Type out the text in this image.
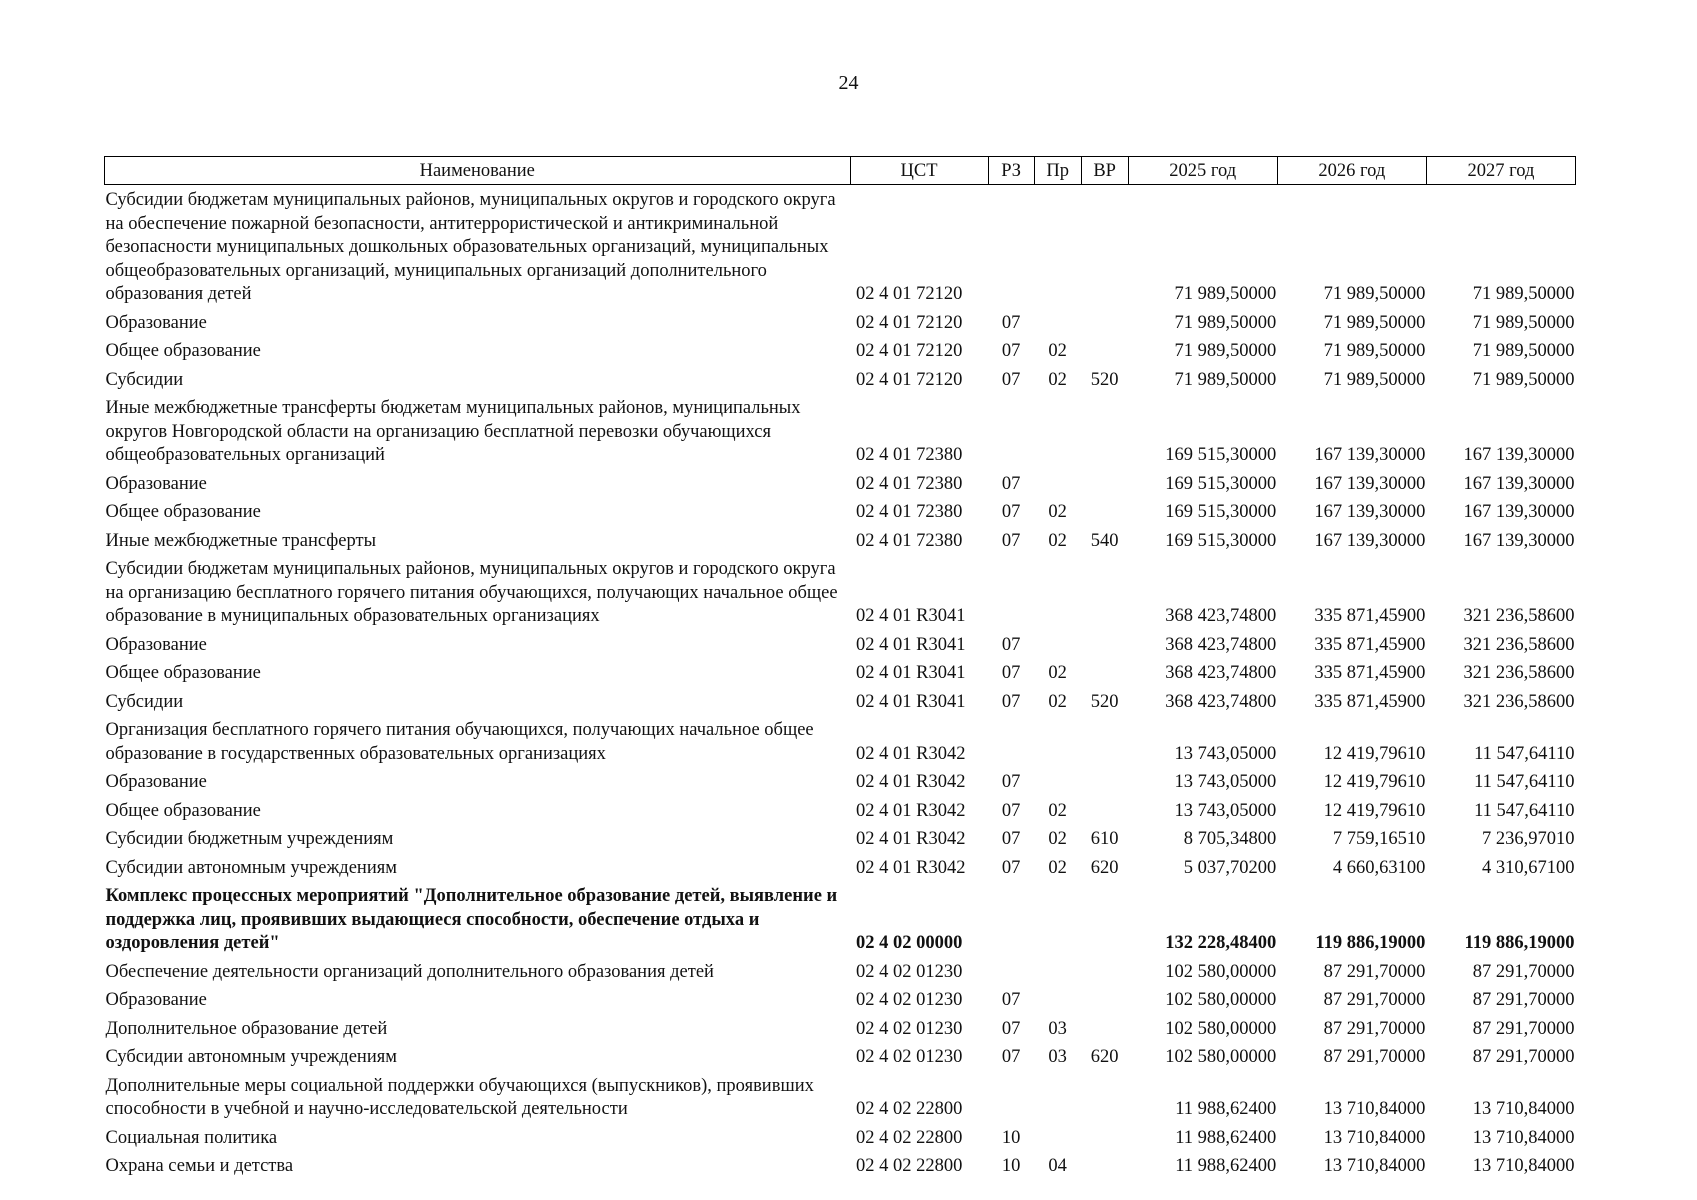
24
Наименование	ЦСТ	РЗ	Пр	ВР	2025 год	2026 год	2027 год
Субсидии бюджетам муниципальных районов, муниципальных округов и городского округа на обеспечение пожарной безопасности, антитеррористической и антикриминальной безопасности муниципальных дошкольных образовательных организаций, муниципальных общеобразовательных организаций, муниципальных организаций дополнительного образования детей	02 4 01 72120				71 989,50000	71 989,50000	71 989,50000
Образование	02 4 01 72120	07			71 989,50000	71 989,50000	71 989,50000
Общее образование	02 4 01 72120	07	02		71 989,50000	71 989,50000	71 989,50000
Субсидии	02 4 01 72120	07	02	520	71 989,50000	71 989,50000	71 989,50000
Иные межбюджетные трансферты бюджетам муниципальных районов, муниципальных округов Новгородской области на организацию бесплатной перевозки обучающихся общеобразовательных организаций	02 4 01 72380				169 515,30000	167 139,30000	167 139,30000
Образование	02 4 01 72380	07			169 515,30000	167 139,30000	167 139,30000
Общее образование	02 4 01 72380	07	02		169 515,30000	167 139,30000	167 139,30000
Иные межбюджетные трансферты	02 4 01 72380	07	02	540	169 515,30000	167 139,30000	167 139,30000
Субсидии бюджетам муниципальных районов, муниципальных округов и городского округа на организацию бесплатного горячего питания обучающихся, получающих начальное общее образование в муниципальных образовательных организациях	02 4 01 R3041				368 423,74800	335 871,45900	321 236,58600
Образование	02 4 01 R3041	07			368 423,74800	335 871,45900	321 236,58600
Общее образование	02 4 01 R3041	07	02		368 423,74800	335 871,45900	321 236,58600
Субсидии	02 4 01 R3041	07	02	520	368 423,74800	335 871,45900	321 236,58600
Организация бесплатного горячего питания обучающихся, получающих начальное общее образование в государственных образовательных организациях	02 4 01 R3042				13 743,05000	12 419,79610	11 547,64110
Образование	02 4 01 R3042	07			13 743,05000	12 419,79610	11 547,64110
Общее образование	02 4 01 R3042	07	02		13 743,05000	12 419,79610	11 547,64110
Субсидии бюджетным учреждениям	02 4 01 R3042	07	02	610	8 705,34800	7 759,16510	7 236,97010
Субсидии автономным учреждениям	02 4 01 R3042	07	02	620	5 037,70200	4 660,63100	4 310,67100
Комплекс процессных мероприятий "Дополнительное образование детей, выявление и поддержка лиц, проявивших выдающиеся способности, обеспечение отдыха и оздоровления детей"	02 4 02 00000				132 228,48400	119 886,19000	119 886,19000
Обеспечение деятельности организаций дополнительного образования детей	02 4 02 01230				102 580,00000	87 291,70000	87 291,70000
Образование	02 4 02 01230	07			102 580,00000	87 291,70000	87 291,70000
Дополнительное образование детей	02 4 02 01230	07	03		102 580,00000	87 291,70000	87 291,70000
Субсидии автономным учреждениям	02 4 02 01230	07	03	620	102 580,00000	87 291,70000	87 291,70000
Дополнительные меры социальной поддержки обучающихся (выпускников), проявивших способности в учебной и научно-исследовательской деятельности	02 4 02 22800				11 988,62400	13 710,84000	13 710,84000
Социальная политика	02 4 02 22800	10			11 988,62400	13 710,84000	13 710,84000
Охрана семьи и детства	02 4 02 22800	10	04		11 988,62400	13 710,84000	13 710,84000
